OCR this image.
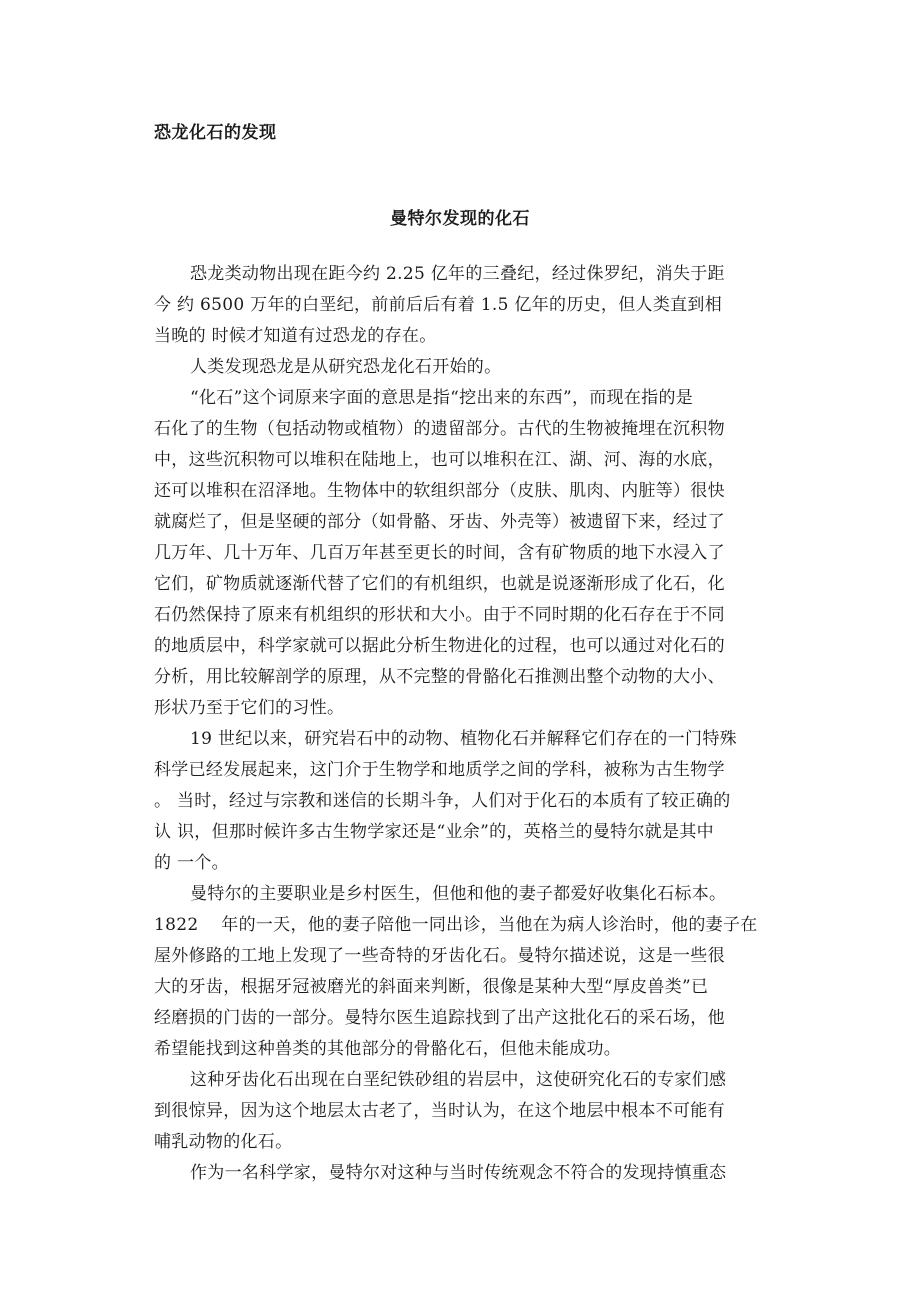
恐龙化石的发现
曼特尔发现的化石
恐龙类动物出现在距今约 2.25 亿年的三叠纪，经过侏罗纪，消失于距
今 约 6500 万年的白垩纪，前前后后有着 1.5 亿年的历史，但人类直到相
当晚的 时候才知道有过恐龙的存在。
人类发现恐龙是从研究恐龙化石开始的。
“化石”这个词原来字面的意思是指“挖出来的东西”，而现在指的是
石化了的生物（包括动物或植物）的遗留部分。古代的生物被掩埋在沉积物
中，这些沉积物可以堆积在陆地上，也可以堆积在江、湖、河、海的水底，
还可以堆积在沼泽地。生物体中的软组织部分（皮肤、肌肉、内脏等）很快
就腐烂了，但是坚硬的部分（如骨骼、牙齿、外壳等）被遗留下来，经过了
几万年、几十万年、几百万年甚至更长的时间，含有矿物质的地下水浸入了
它们，矿物质就逐渐代替了它们的有机组织，也就是说逐渐形成了化石，化
石仍然保持了原来有机组织的形状和大小。由于不同时期的化石存在于不同
的地质层中，科学家就可以据此分析生物进化的过程，也可以通过对化石的
分析，用比较解剖学的原理，从不完整的骨骼化石推测出整个动物的大小、
形状乃至于它们的习性。
19 世纪以来，研究岩石中的动物、植物化石并解释它们存在的一门特殊
科学已经发展起来，这门介于生物学和地质学之间的学科，被称为古生物学
。 当时，经过与宗教和迷信的长期斗争，人们对于化石的本质有了较正确的
认 识，但那时候许多古生物学家还是“业余”的，英格兰的曼特尔就是其中
的 一个。
曼特尔的主要职业是乡村医生，但他和他的妻子都爱好收集化石标本。
1822    年的一天，他的妻子陪他一同出诊，当他在为病人诊治时，他的妻子在
屋外修路的工地上发现了一些奇特的牙齿化石。曼特尔描述说，这是一些很
大的牙齿，根据牙冠被磨光的斜面来判断，很像是某种大型“厚皮兽类”已
经磨损的门齿的一部分。曼特尔医生追踪找到了出产这批化石的采石场，他
希望能找到这种兽类的其他部分的骨骼化石，但他未能成功。
这种牙齿化石出现在白垩纪铁砂组的岩层中，这使研究化石的专家们感
到很惊异，因为这个地层太古老了，当时认为，在这个地层中根本不可能有
哺乳动物的化石。
作为一名科学家，曼特尔对这种与当时传统观念不符合的发现持慎重态
